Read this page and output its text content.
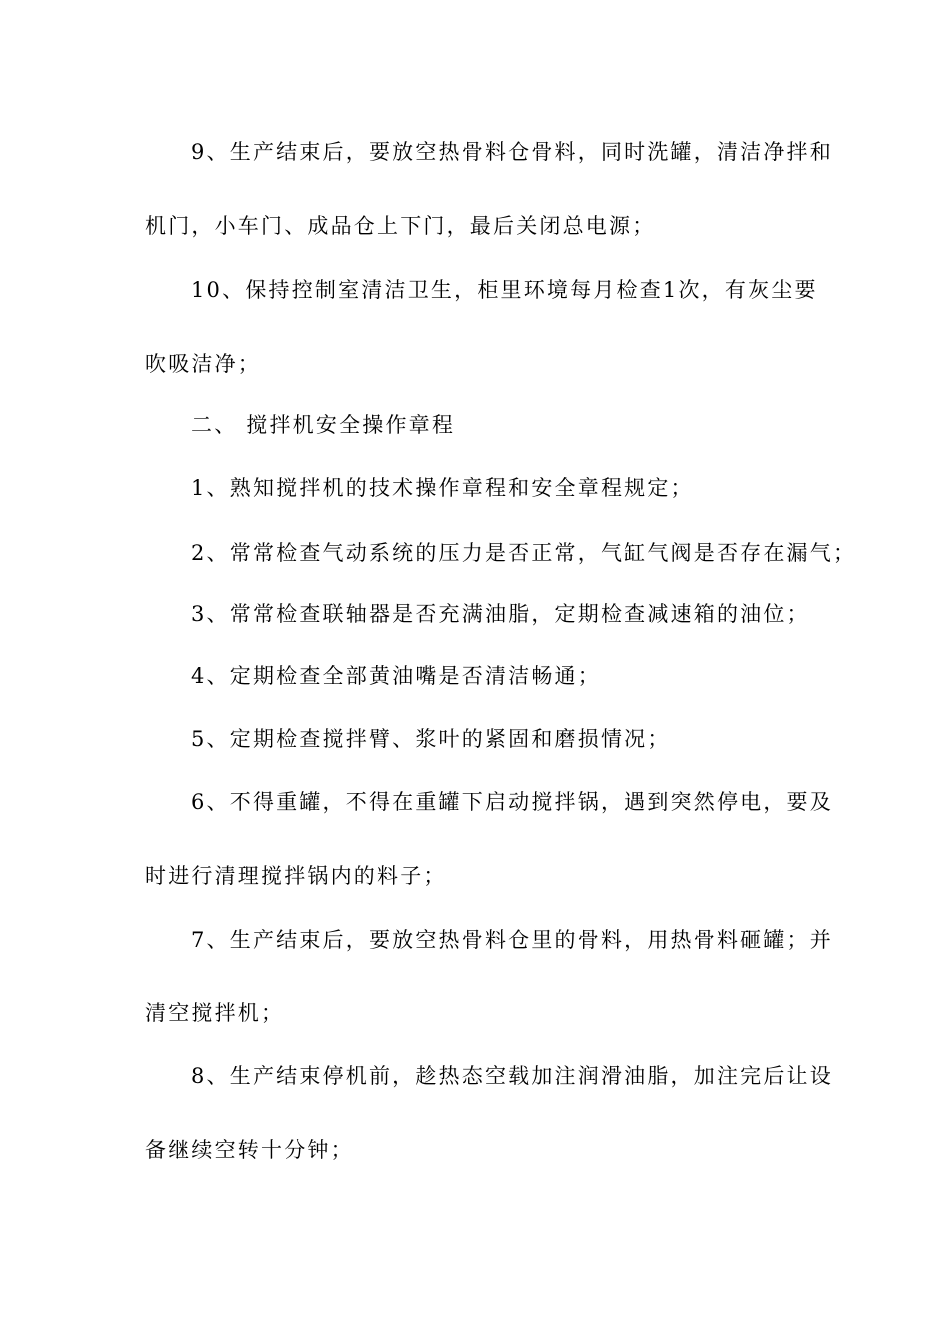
9、生产结束后，要放空热骨料仓骨料，同时洗罐，清洁净拌和
机门，小车门、成品仓上下门，最后关闭总电源；
10、保持控制室清洁卫生，柜里环境每月检查1次，有灰尘要
吹吸洁净；
二、 搅拌机安全操作章程
1、熟知搅拌机的技术操作章程和安全章程规定；
2、常常检查气动系统的压力是否正常，气缸气阀是否存在漏气；
3、常常检查联轴器是否充满油脂，定期检查减速箱的油位；
4、定期检查全部黄油嘴是否清洁畅通；
5、定期检查搅拌臂、浆叶的紧固和磨损情况；
6、不得重罐，不得在重罐下启动搅拌锅，遇到突然停电，要及
时进行清理搅拌锅内的料子；
7、生产结束后，要放空热骨料仓里的骨料，用热骨料砸罐；并
清空搅拌机；
8、生产结束停机前，趁热态空载加注润滑油脂，加注完后让设
备继续空转十分钟；
